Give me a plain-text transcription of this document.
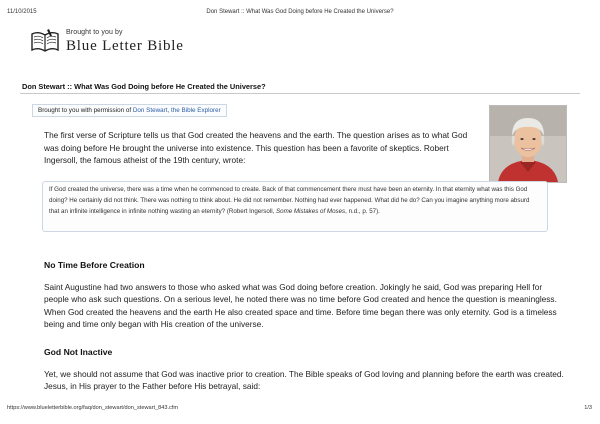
11/10/2015	Don Stewart :: What Was God Doing before He Created the Universe?
Brought to you by
Blue Letter Bible
Don Stewart :: What Was God Doing before He Created the Universe?
Brought to you with permission of Don Stewart, the Bible Explorer
The first verse of Scripture tells us that God created the heavens and the earth. The question arises as to what God was doing before He brought the universe into existence. This question has been a favorite of skeptics. Robert Ingersoll, the famous atheist of the 19th century, wrote:
If God created the universe, there was a time when he commenced to create. Back of that commencement there must have been an eternity. In that eternity what was this God doing? He certainly did not think. There was nothing to think about. He did not remember. Nothing had ever happened. What did he do? Can you imagine anything more absurd that an infinite intelligence in infinite nothing wasting an eternity? (Robert Ingersoll, Some Mistakes of Moses, n.d., p. 57).
No Time Before Creation
Saint Augustine had two answers to those who asked what was God doing before creation. Jokingly he said, God was preparing Hell for people who ask such questions. On a serious level, he noted there was no time before God created and hence the question is meaningless. When God created the heavens and the earth He also created space and time. Before time began there was only eternity. God is a timeless being and time only began with His creation of the universe.
God Not Inactive
Yet, we should not assume that God was inactive prior to creation. The Bible speaks of God loving and planning before the earth was created. Jesus, in His prayer to the Father before His betrayal, said:
https://www.blueletterbible.org/faq/don_stewart/don_stewart_843.cfm	1/3
